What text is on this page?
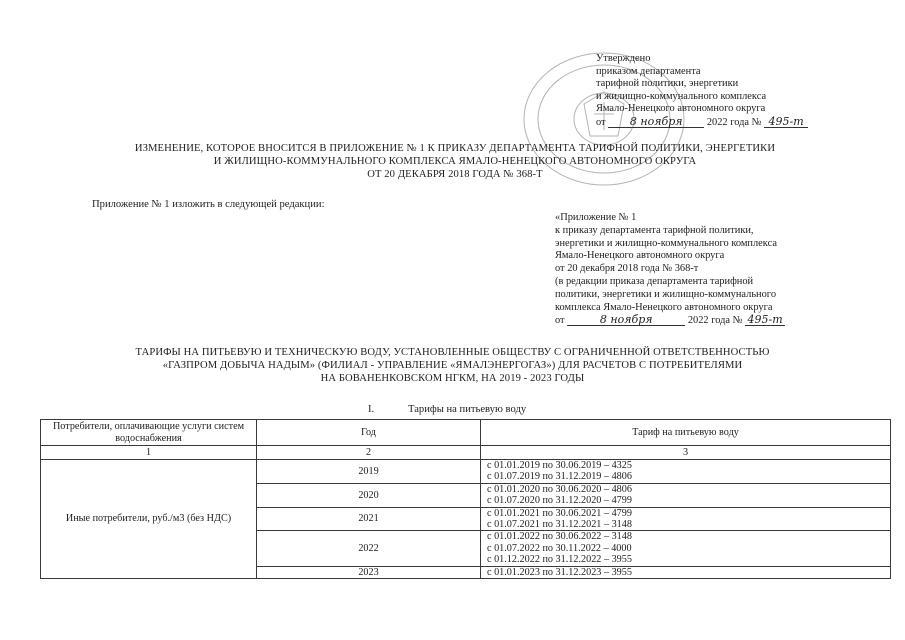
Утверждено
приказом департамента
тарифной политики, энергетики
и жилищно-коммунального комплекса
Ямало-Ненецкого автономного округа
от 8 ноября 2022 года № 495-т
ИЗМЕНЕНИЕ, КОТОРОЕ ВНОСИТСЯ В ПРИЛОЖЕНИЕ № 1 К ПРИКАЗУ ДЕПАРТАМЕНТА ТАРИФНОЙ ПОЛИТИКИ, ЭНЕРГЕТИКИ
И ЖИЛИЩНО-КОММУНАЛЬНОГО КОМПЛЕКСА ЯМАЛО-НЕНЕЦКОГО АВТОНОМНОГО ОКРУГА
ОТ 20 ДЕКАБРЯ 2018 ГОДА № 368-Т
Приложение № 1 изложить в следующей редакции:
«Приложение № 1
к приказу департамента тарифной политики,
энергетики и жилищно-коммунального комплекса
Ямало-Ненецкого автономного округа
от 20 декабря 2018 года № 368-т
(в редакции приказа департамента тарифной
политики, энергетики и жилищно-коммунального
комплекса Ямало-Ненецкого автономного округа
от	8 ноября	2022 года № 495-т
ТАРИФЫ НА ПИТЬЕВУЮ И ТЕХНИЧЕСКУЮ ВОДУ, УСТАНОВЛЕННЫЕ ОБЩЕСТВУ С ОГРАНИЧЕННОЙ ОТВЕТСТВЕННОСТЬЮ
«ГАЗПРОМ ДОБЫЧА НАДЫМ» (ФИЛИАЛ - УПРАВЛЕНИЕ «ЯМАЛЭНЕРГОГАЗ») ДЛЯ РАСЧЕТОВ С ПОТРЕБИТЕЛЯМИ
НА БОВАНЕНКОВСКОМ НГКМ, НА 2019 - 2023 ГОДЫ
I.	Тарифы на питьевую воду
Потребители, оплачивающие услуги систем водоснабжения	Год	Тариф на питьевую воду
1	2	3
Иные потребители, руб./м3 (без НДС)	2019	с 01.01.2019 по 30.06.2019 – 4325
с 01.07.2019 по 31.12.2019 – 4806

	2020	с 01.01.2020 по 30.06.2020 – 4806
с 01.07.2020 по 31.12.2020 – 4799

	2021	с 01.01.2021 по 30.06.2021 – 4799
с 01.07.2021 по 31.12.2021 – 3148

	2022	с 01.01.2022 по 30.06.2022 – 3148
с 01.07.2022 по 30.11.2022 – 4000
с 01.12.2022 по 31.12.2022 – 3955

	2023	с 01.01.2023 по 31.12.2023 – 3955
